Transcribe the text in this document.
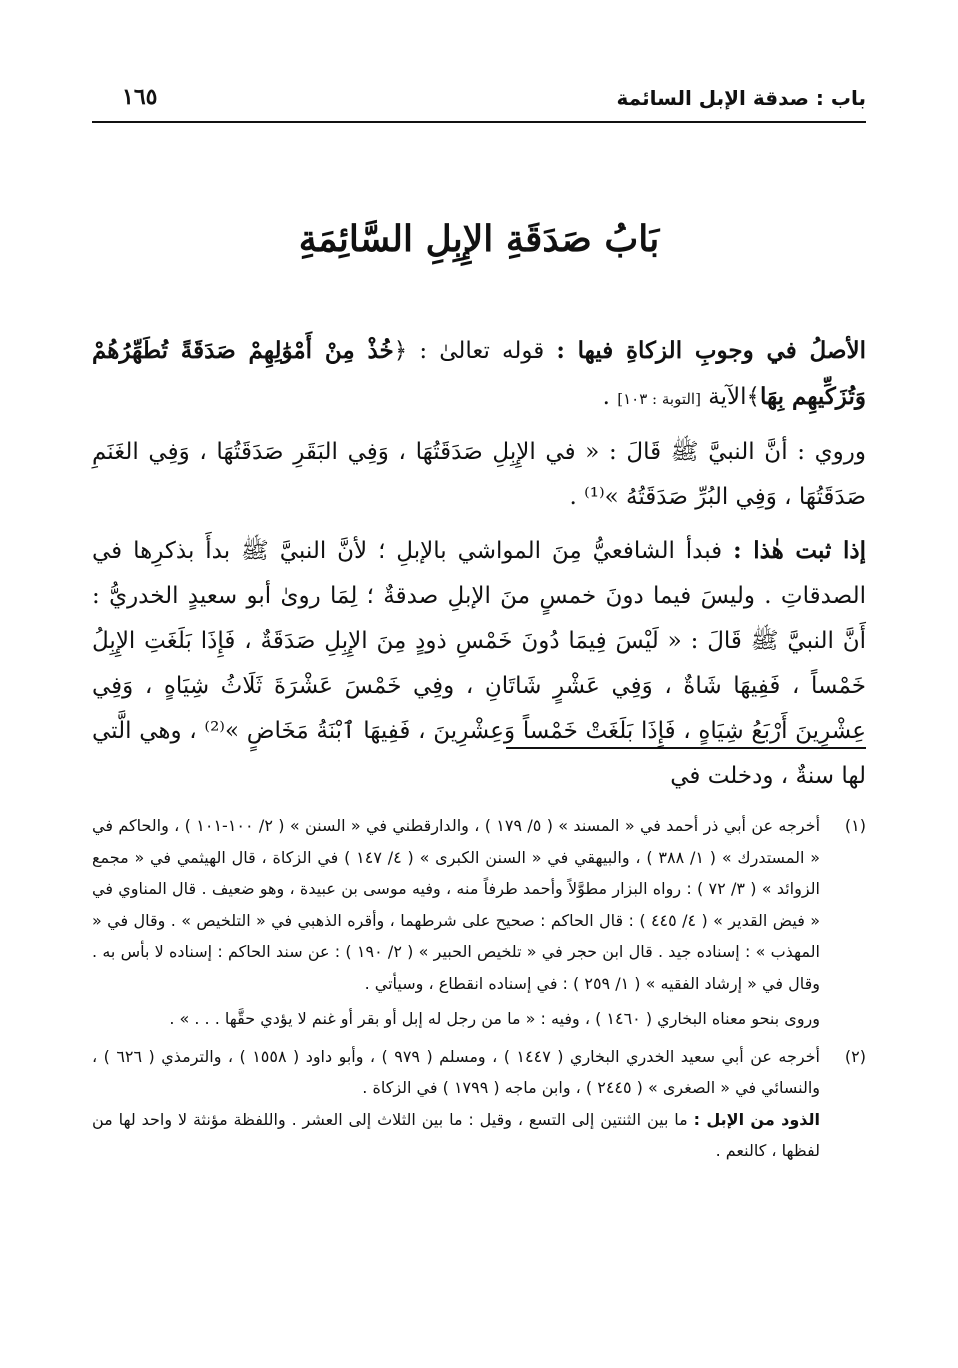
باب : صدقة الإبل السائمة
١٦٥
بَابُ صَدَقَةِ الإِبِلِ السَّائِمَةِ

الأصلُ في وجوبِ الزكاةِ فيها : قوله تعالىٰ : ﴿خُذْ مِنْ أَمْوَٰلِهِمْ صَدَقَةً تُطَهِّرُهُمْ وَتُزَكِّيهِم بِهَا﴾الآية [التوبة : ١٠٣] .

وروي : أنَّ النبيَّ ﷺ قَالَ : « في الإِبِلِ صَدَقَتُهَا ، وَفِي البَقَرِ صَدَقَتُهَا ، وَفِي الغَنَمِ صَدَقَتُهَا ، وَفِي البُرِّ صَدَقَتُهُ »⁽¹⁾ .

إذا ثبت هٰذا : فبدأ الشافعيُّ مِنَ المواشي بالإبلِ ؛ لأنَّ النبيَّ ﷺ بدأَ بذكرِها في الصدقاتِ . وليسَ فيما دونَ خمسٍ منَ الإبلِ صدقةٌ ؛ لِمَا روىٰ أبو سعيدٍ الخدريُّ : أَنَّ النبيَّ ﷺ قَالَ : « لَيْسَ فِيمَا دُونَ خَمْسِ ذودٍ مِنَ الإِبِلِ صَدَقَةٌ ، فَإِذَا بَلَغَتِ الإِبِلُ خَمْساً ، فَفِيهَا شَاةٌ ، وَفِي عَشْرٍ شَاتَانِ ، وفِي خَمْسَ عَشْرَةَ ثَلَاثُ شِيَاهٍ ، وَفِي عِشْرِينَ أَرْبَعُ شِيَاهٍ ، فَإِذَا بَلَغَتْ خَمْساً وَعِشْرِينَ ، فَفِيهَا ٱبْنَةُ مَخَاضٍ »⁽²⁾ ، وهي الَّتي لها سنةٌ ، ودخلت في

(١)
أخرجه عن أبي ذر أحمد في « المسند » ( ٥/ ١٧٩ ) ، والدارقطني في « السنن » ( ٢/ ١٠٠-١٠١ ) ، والحاكم في « المستدرك » ( ١/ ٣٨٨ ) ، والبيهقي في « السنن الكبرى » ( ٤/ ١٤٧ ) في الزكاة ، قال الهيثمي في « مجمع الزوائد » ( ٣/ ٧٢ ) : رواه البزار مطوَّلاً وأحمد طرفاً منه ، وفيه موسى بن عبيدة ، وهو ضعيف . قال المناوي في « فيض القدير » ( ٤/ ٤٤٥ ) : قال الحاكم : صحيح على شرطهما ، وأقره الذهبي في « التلخيص » . وقال في « المهذب » : إسناده جيد . قال ابن حجر في « تلخيص الحبير » ( ٢/ ١٩٠ ) : عن سند الحاكم : إسناده لا بأس به . وقال في « إرشاد الفقيه » ( ١/ ٢٥٩ ) : في إسناده انقطاع ، وسيأتي .
وروى بنحو معناه البخاري ( ١٤٦٠ ) ، وفيه : « ما من رجل له إبل أو بقر أو غنم لا يؤدي حقَّها . . . » .
(٢)
أخرجه عن أبي سعيد الخدري البخاري ( ١٤٤٧ ) ، ومسلم ( ٩٧٩ ) ، وأبو داود ( ١٥٥٨ ) ، والترمذي ( ٦٢٦ ) ، والنسائي في « الصغرى » ( ٢٤٤٥ ) ، وابن ماجه ( ١٧٩٩ ) في الزكاة .
الذود من الإبل : ما بين الثنتين إلى التسع ، وقيل : ما بين الثلاث إلى العشر . واللفظة مؤنثة لا واحد لها من لفظها ، كالنعم .
